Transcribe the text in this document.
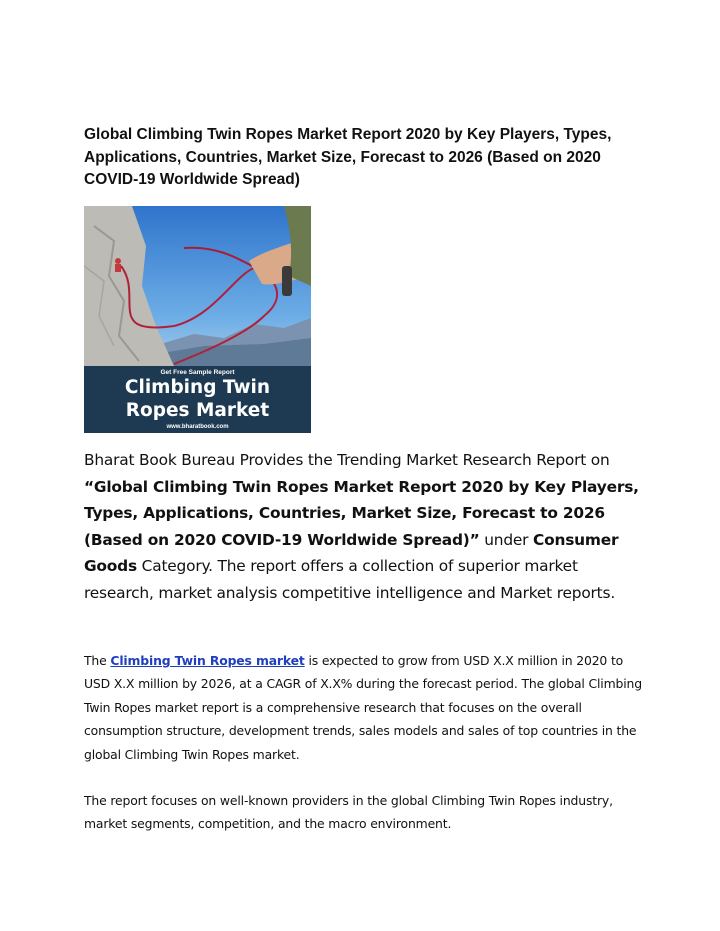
Global Climbing Twin Ropes Market Report 2020 by Key Players, Types, Applications, Countries, Market Size, Forecast to 2026 (Based on 2020 COVID-19 Worldwide Spread)
Get Free Sample Report
Climbing Twin
Ropes Market
www.bharatbook.com

Bharat Book Bureau Provides the Trending Market Research Report on “Global Climbing Twin Ropes Market Report 2020 by Key Players, Types, Applications, Countries, Market Size, Forecast to 2026 (Based on 2020 COVID-19 Worldwide Spread)” under Consumer Goods Category. The report offers a collection of superior market research, market analysis competitive intelligence and Market reports.

The Climbing Twin Ropes market is expected to grow from USD X.X million in 2020 to USD X.X million by 2026, at a CAGR of X.X% during the forecast period. The global Climbing Twin Ropes market report is a comprehensive research that focuses on the overall consumption structure, development trends, sales models and sales of top countries in the global Climbing Twin Ropes market.

The report focuses on well-known providers in the global Climbing Twin Ropes industry, market segments, competition, and the macro environment.
